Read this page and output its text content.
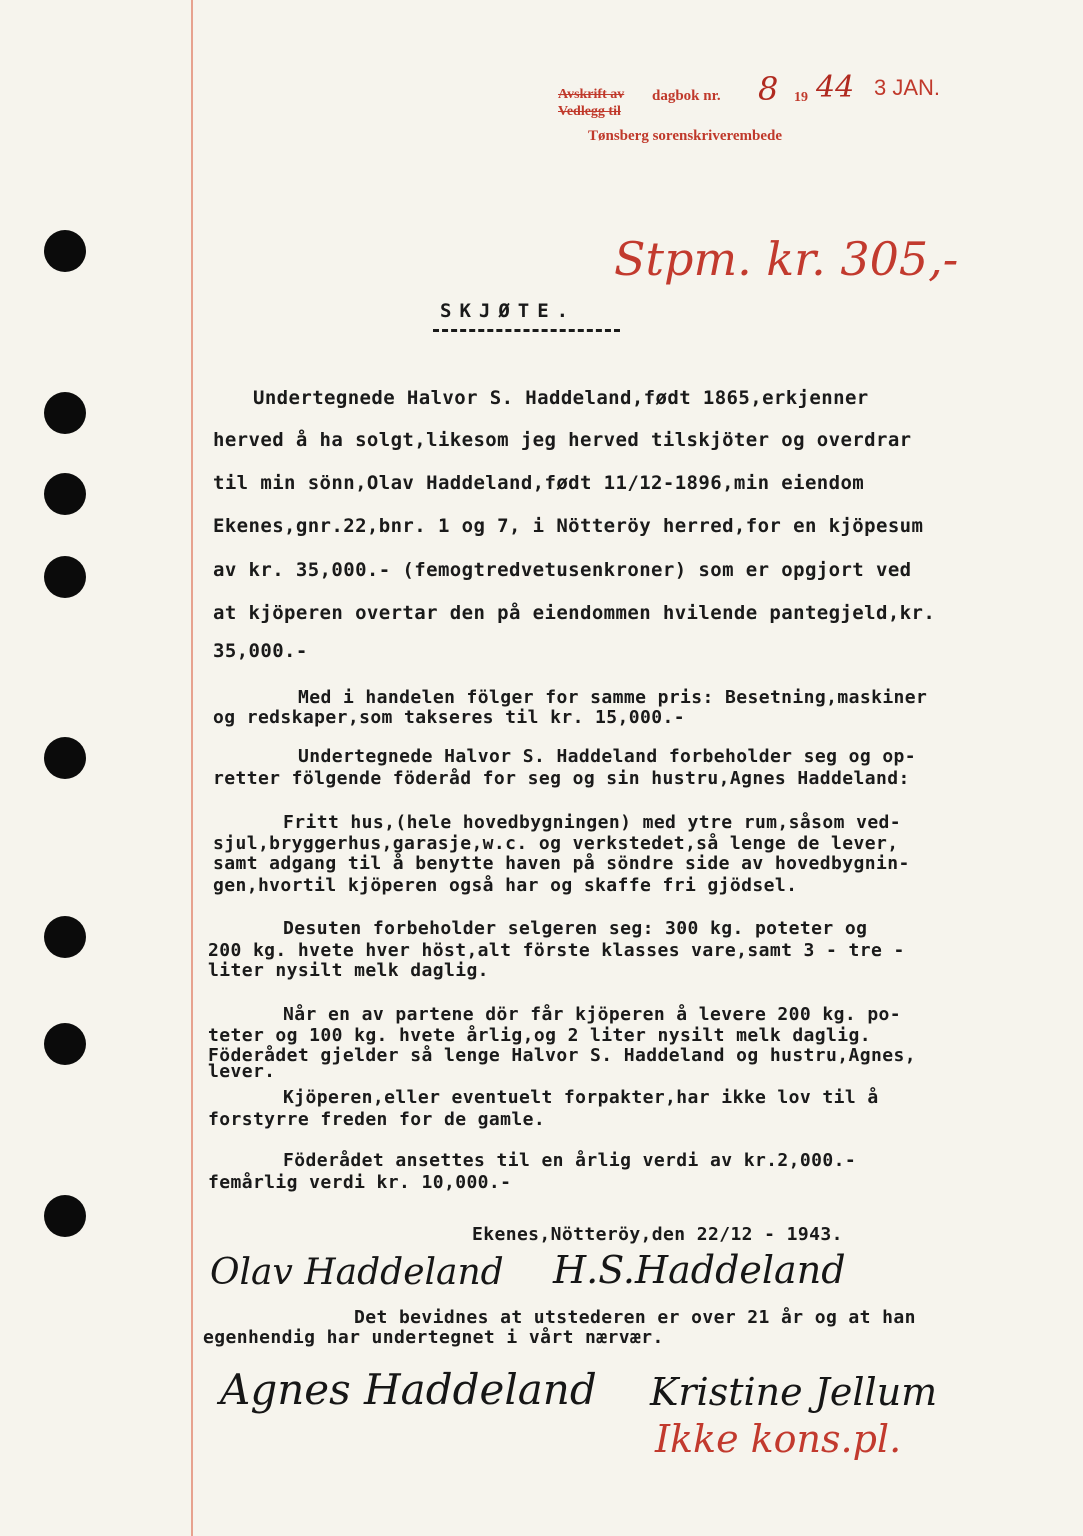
Avskrift av
Vedlegg til
dagbok nr. 8 19 44 3 JAN.
Tønsberg sorenskriverembede
Stpm. kr. 305,-
SKJØTE.
Undertegnede Halvor S. Haddeland,født 1865,erkjenner
herved å ha solgt,likesom jeg herved tilskjöter og overdrar
til min sönn,Olav Haddeland,født 11/12-1896,min eiendom
Ekenes,gnr.22,bnr. 1 og 7, i Nötteröy herred,for en kjöpesum
av kr. 35,000.- (femogtredvetusenkroner) som er opgjort ved
at kjöperen overtar den på eiendommen hvilende pantegjeld,kr.
35,000.-
Med i handelen fölger for samme pris: Besetning,maskiner
og redskaper,som takseres til kr. 15,000.-
Undertegnede Halvor S. Haddeland forbeholder seg og op-
retter fölgende föderåd for seg og sin hustru,Agnes Haddeland:
Fritt hus,(hele hovedbygningen) med ytre rum,såsom ved-
sjul,bryggerhus,garasje,w.c. og verkstedet,så lenge de lever,
samt adgang til å benytte haven på söndre side av hovedbygnin-
gen,hvortil kjöperen også har og skaffe fri gjödsel.
Desuten forbeholder selgeren seg: 300 kg. poteter og
200 kg. hvete hver höst,alt förste klasses vare,samt 3 - tre -
liter nysilt melk daglig.
Når en av partene dör får kjöperen å levere 200 kg. po-
teter og 100 kg. hvete årlig,og 2 liter nysilt melk daglig.
Föderådet gjelder så lenge Halvor S. Haddeland og hustru,Agnes,
lever.
Kjöperen,eller eventuelt forpakter,har ikke lov til å
forstyrre freden for de gamle.
Föderådet ansettes til en årlig verdi av kr.2,000.-
femårlig verdi kr. 10,000.-
Ekenes,Nötteröy,den 22/12 - 1943.
Olav Haddeland H.S.Haddeland
Det bevidnes at utstederen er over 21 år og at han
egenhendig har undertegnet i vårt nærvær.
Agnes Haddeland Kristine Jellum
Ikke kons.pl.
